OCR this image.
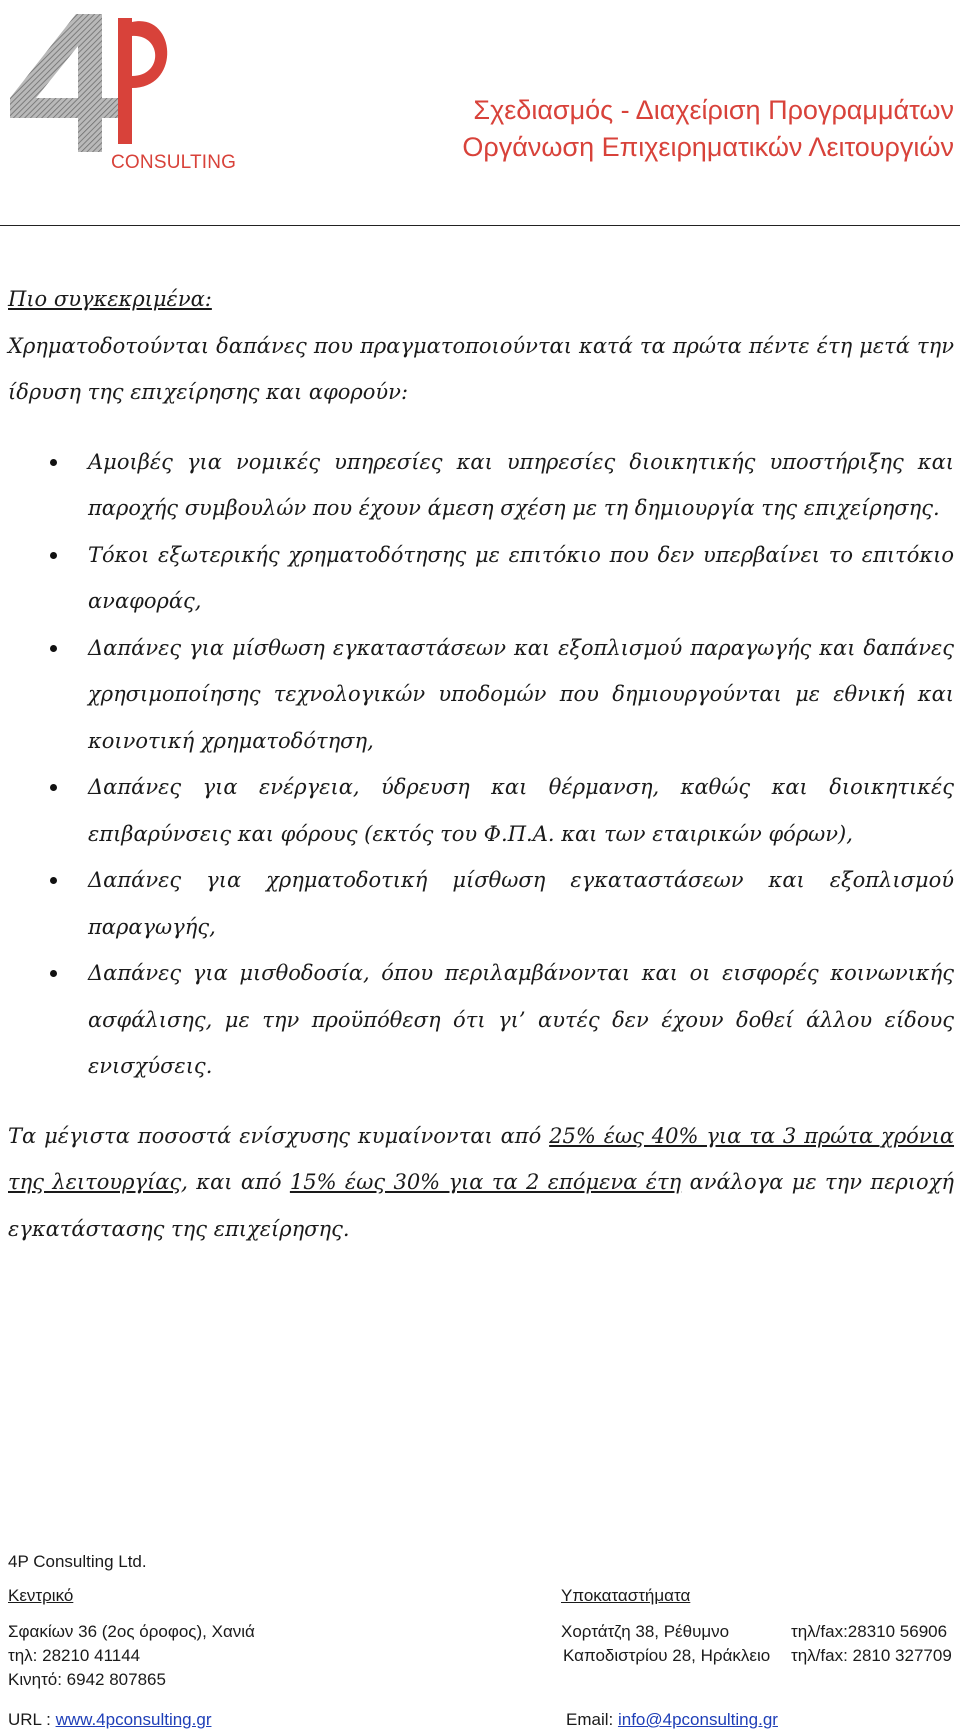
CONSULTING
Σχεδιασμός - Διαχείριση Προγραμμάτων
Οργάνωση Επιχειρηματικών Λειτουργιών

Πιο συγκεκριμένα:

Χρηματοδοτούνται δαπάνες που πραγματοποιούνται κατά τα πρώτα πέντε έτη μετά την ίδρυση της επιχείρησης και αφορούν:

Αμοιβές για νομικές υπηρεσίες και υπηρεσίες διοικητικής υποστήριξης και παροχής συμβουλών που έχουν άμεση σχέση με τη δημιουργία της επιχείρησης.
Τόκοι εξωτερικής χρηματοδότησης με επιτόκιο που δεν υπερβαίνει το επιτόκιο αναφοράς,
Δαπάνες για μίσθωση εγκαταστάσεων και εξοπλισμού παραγωγής και δαπάνες χρησιμοποίησης τεχνολογικών υποδομών που δημιουργούνται με εθνική και κοινοτική χρηματοδότηση,
Δαπάνες για ενέργεια, ύδρευση και θέρμανση, καθώς και διοικητικές επιβαρύνσεις και φόρους (εκτός του Φ.Π.Α. και των εταιρικών φόρων),
Δαπάνες για χρηματοδοτική μίσθωση εγκαταστάσεων και εξοπλισμού παραγωγής,
Δαπάνες για μισθοδοσία, όπου περιλαμβάνονται και οι εισφορές κοινωνικής ασφάλισης, με την προϋπόθεση ότι γι’ αυτές δεν έχουν δοθεί άλλου είδους ενισχύσεις.

Τα μέγιστα ποσοστά ενίσχυσης κυμαίνονται από 25% έως 40% για τα 3 πρώτα χρόνια της λειτουργίας, και από 15% έως 30% για τα 2 επόμενα έτη ανάλογα με την περιοχή εγκατάστασης της επιχείρησης.

4P Consulting Ltd.
Κεντρικό	Υποκαταστήματα
Σφακίων 36 (2ος όροφος), Χανιά
τηλ: 28210 41144
Κινητό: 6942 807865
Χορτάτζη 38, Ρέθυμνο	τηλ/fax:28310 56906
Καποδιστρίου 28, Ηράκλειο τηλ/fax: 2810 327709
URL : www.4pconsulting.gr	Email: info@4pconsulting.gr
